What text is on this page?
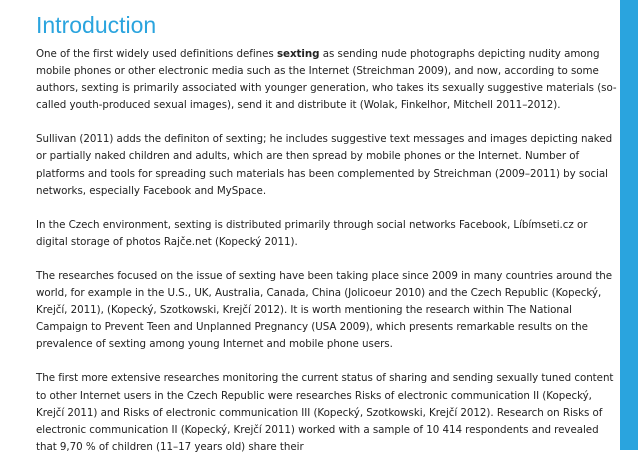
Introduction

One of the first widely used definitions defines sexting as sending nude photographs depicting nudity among mobile phones or other electronic media such as the Internet (Streichman 2009), and now, according to some authors, sexting is primarily associated with younger generation, who takes its sexually suggestive materials (so-called youth-produced sexual images), send it and distribute it (Wolak, Finkelhor, Mitchell 2011–2012).

Sullivan (2011) adds the definiton of sexting; he includes suggestive text messages and images depicting naked or partially naked children and adults, which are then spread by mobile phones or the Internet. Number of platforms and tools for spreading such materials has been complemented by Streichman (2009–2011) by social networks, especially Facebook and MySpace.

In the Czech environment, sexting is distributed primarily through social networks Facebook, Líbímseti.cz or digital storage of photos Rajče.net (Kopecký 2011).

The researches focused on the issue of sexting have been taking place since 2009 in many countries around the world, for example in the U.S., UK, Australia, Canada, China (Jolicoeur 2010) and the Czech Republic (Kopecký, Krejčí, 2011), (Kopecký, Szotkowski, Krejčí 2012). It is worth mentioning the research within The National Campaign to Prevent Teen and Unplanned Pregnancy (USA 2009), which presents remarkable results on the prevalence of sexting among young Internet and mobile phone users.

The first more extensive researches monitoring the current status of sharing and sending sexually tuned content to other Internet users in the Czech Republic were researches Risks of electronic communication II (Kopecký, Krejčí 2011) and Risks of electronic communication III (Kopecký, Szotkowski, Krejčí 2012). Research on Risks of electronic communication II (Kopecký, Krejčí 2011) worked with a sample of 10 414 respondents and revealed that 9,70 % of children (11–17 years old) share their
